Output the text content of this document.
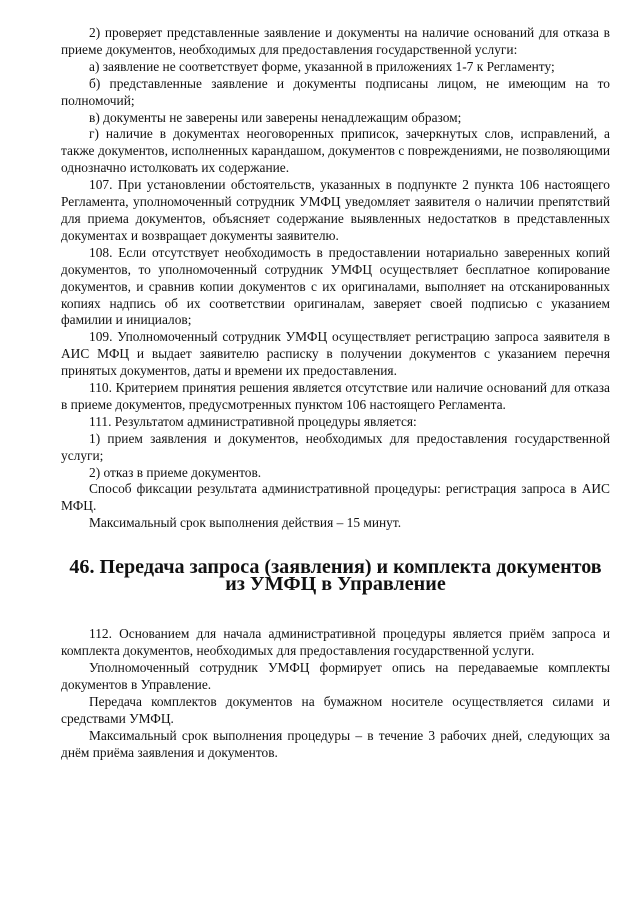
2) проверяет представленные заявление и документы на наличие оснований для отказа в приеме документов, необходимых для предоставления государственной услуги:

а) заявление не соответствует форме, указанной в приложениях 1-7 к Регламенту;

б) представленные заявление и документы подписаны лицом, не имеющим на то полномочий;

в) документы не заверены или заверены ненадлежащим образом;

г) наличие в документах неоговоренных приписок, зачеркнутых слов, исправлений, а также документов, исполненных карандашом, документов с повреждениями, не позволяющими однозначно истолковать их содержание.

107. При установлении обстоятельств, указанных в подпункте 2 пункта 106 настоящего Регламента, уполномоченный сотрудник УМФЦ уведомляет заявителя о наличии препятствий для приема документов, объясняет содержание выявленных недостатков в представленных документах и возвращает документы заявителю.

108. Если отсутствует необходимость в предоставлении нотариально заверенных копий документов, то уполномоченный сотрудник УМФЦ осуществляет бесплатное копирование документов, и сравнив копии документов с их оригиналами, выполняет на отсканированных копиях надпись об их соответствии оригиналам, заверяет своей подписью с указанием фамилии и инициалов;

109. Уполномоченный сотрудник УМФЦ осуществляет регистрацию запроса заявителя в АИС МФЦ и выдает заявителю расписку в получении документов с указанием перечня принятых документов, даты и времени их предоставления.

110. Критерием принятия решения является отсутствие или наличие оснований для отказа в приеме документов, предусмотренных пунктом 106 настоящего Регламента.

111. Результатом административной процедуры является:

1) прием заявления и документов, необходимых для предоставления государственной услуги;

2) отказ в приеме документов.

Способ фиксации результата административной процедуры: регистрация запроса в АИС МФЦ.

Максимальный срок выполнения действия – 15 минут.

46. Передача запроса (заявления) и комплекта документов
из УМФЦ в Управление

112. Основанием для начала административной процедуры является приём запроса и комплекта документов, необходимых для предоставления государственной услуги.

Уполномоченный сотрудник УМФЦ формирует опись на передаваемые комплекты документов в Управление.

Передача комплектов документов на бумажном носителе осуществляется силами и средствами УМФЦ.

Максимальный срок выполнения процедуры – в течение 3 рабочих дней, следующих за днём приёма заявления и документов.
